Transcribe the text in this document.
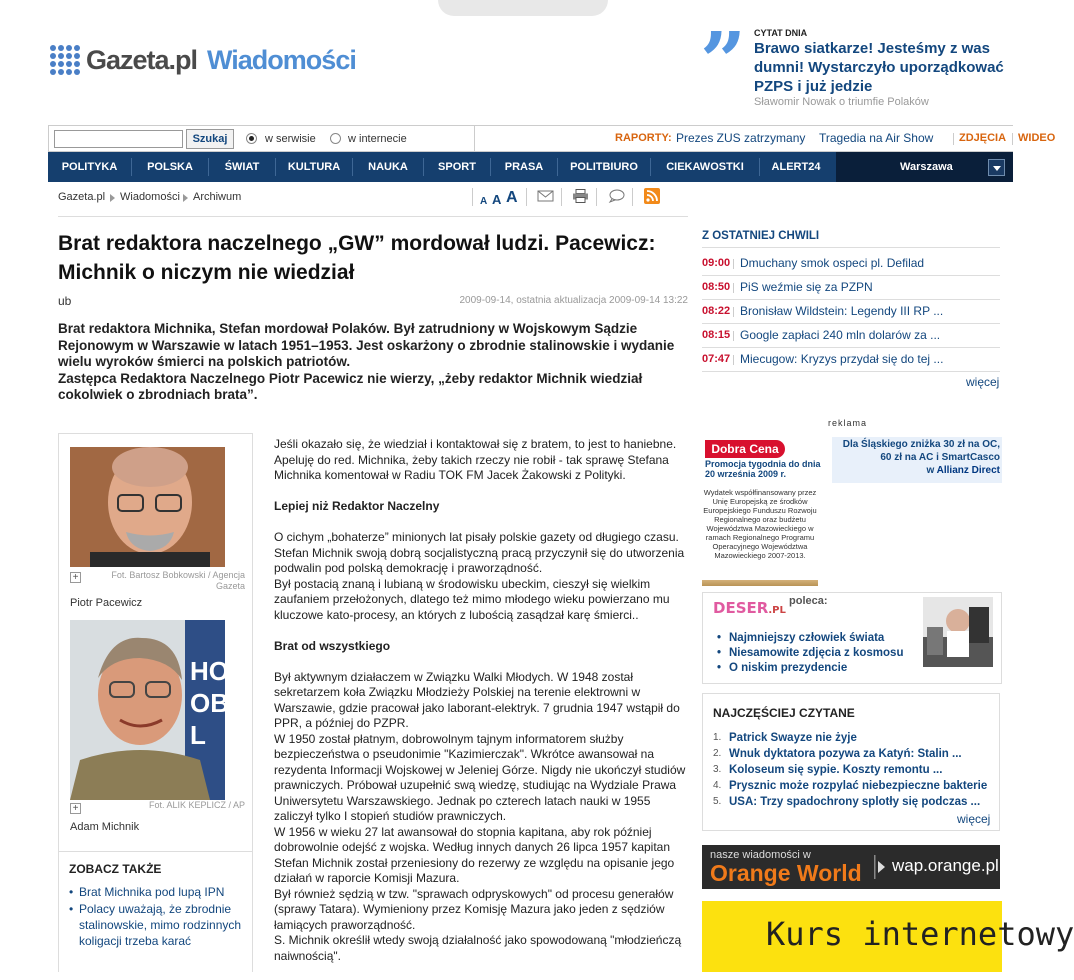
Gazeta.pl Wiadomości	” CYTAT DNIA
Brawo siatkarze! Jesteśmy z was dumni! Wystarczyło uporządkować PZPS i już jedzie
Sławomir Nowak o triumfie Polaków
Szukaj	w serwisie	w internecie	RAPORTY: Prezes ZUS zatrzymany Tragedia na Air Show ZDJĘCIA WIDEO
POLITYKA	POLSKA	ŚWIAT	KULTURA	NAUKA	SPORT	PRASA	POLITBIURO	CIEKAWOSTKI	ALERT24	Warszawa
Gazeta.pl Wiadomości Archiwum	A A A
Brat redaktora naczelnego „GW” mordował ludzi. Pacewicz: Michnik o niczym nie wiedział
ub	2009-09-14, ostatnia aktualizacja 2009-09-14 13:22
Brat redaktora Michnika, Stefan mordował Polaków. Był zatrudniony w Wojskowym Sądzie Rejonowym w Warszawie w latach 1951–1953. Jest oskarżony o zbrodnie stalinowskie i wydanie wielu wyroków śmierci na polskich patriotów.
Zastępca Redaktora Naczelnego Piotr Pacewicz nie wierzy, „żeby redaktor Michnik wiedział cokolwiek o zbrodniach brata”.
+	Fot. Bartosz Bobkowski / Agencja Gazeta
Piotr Pacewicz
HO
OB
L
+	Fot. ALIK KEPLICZ / AP
Adam Michnik
ZOBACZ TAKŻE
• Brat Michnika pod lupą IPN
• Polacy uważają, że zbrodnie stalinowskie, mimo rodzinnych koligacji trzeba karać

Jeśli okazało się, że wiedział i kontaktował się z bratem, to jest to haniebne. Apeluję do red. Michnika, żeby takich rzeczy nie robił - tak sprawę Stefana Michnika komentował w Radiu TOK FM Jacek Żakowski z Polityki.

Lepiej niż Redaktor Naczelny

O cichym „bohaterze” minionych lat pisały polskie gazety od długiego czasu. Stefan Michnik swoją dobrą socjalistyczną pracą przyczynił się do utworzenia podwalin pod polską demokrację i praworządność.

Był postacią znaną i lubianą w środowisku ubeckim, cieszył się wielkim zaufaniem przełożonych, dlatego też mimo młodego wieku powierzano mu kluczowe kato-procesy, an których z lubością zasądzał karę śmierci..

Brat od wszystkiego

Był aktywnym działaczem w Związku Walki Młodych. W 1948 został sekretarzem koła Związku Młodzieży Polskiej na terenie elektrowni w Warszawie, gdzie pracował jako laborant-elektryk. 7 grudnia 1947 wstąpił do PPR, a później do PZPR.

W 1950 został płatnym, dobrowolnym tajnym informatorem służby bezpieczeństwa o pseudonimie "Kazimierczak". Wkrótce awansował na rezydenta Informacji Wojskowej w Jeleniej Górze. Nigdy nie ukończył studiów prawniczych. Próbował uzupełnić swą wiedzę, studiując na Wydziale Prawa Uniwersytetu Warszawskiego. Jednak po czterech latach nauki w 1955 zaliczył tylko I stopień studiów prawniczych.

W 1956 w wieku 27 lat awansował do stopnia kapitana, aby rok później dobrowolnie odejść z wojska. Według innych danych 26 lipca 1957 kapitan Stefan Michnik został przeniesiony do rezerwy ze względu na opisanie jego działań w raporcie Komisji Mazura.

Był również sędzią w tzw. "sprawach odpryskowych" od procesu generałów (sprawy Tatara). Wymieniony przez Komisję Mazura jako jeden z sędziów łamiących praworządność.

S. Michnik określił wtedy swoją działalność jako spowodowaną "młodzieńczą naiwnością".

Z OSTATNIEJ CHWILI
09:00 Dmuchany smok ospeci pl. Defilad
08:50 PiS weźmie się za PZPN
08:22 Bronisław Wildstein: Legendy III RP ...
08:15 Google zapłaci 240 mln dolarów za ...
07:47 Miecugow: Kryzys przydał się do tej ...
więcej
reklama
Dobra Cena
Promocja tygodnia do dnia 20 września 2009 r.
Dla Śląskiego zniżka 30 zł na OC,
60 zł na AC i SmartCasco
w Allianz Direct
Wydatek współfinansowany przez Unię Europejską ze środków Europejskiego Funduszu Rozwoju Regionalnego oraz budżetu Województwa Mazowieckiego w ramach Regionalnego Programu Operacyjnego Województwa Mazowieckiego 2007-2013.
DESER.PL
poleca:
• Najmniejszy człowiek świata
• Niesamowite zdjęcia z kosmosu
• O niskim prezydencie
NAJCZĘŚCIEJ CZYTANE
1. Patrick Swayze nie żyje
2. Wnuk dyktatora pozywa za Katyń: Stalin ...
3. Koloseum się sypie. Koszty remontu ...
4. Prysznic może rozpylać niebezpieczne bakterie
5. USA: Trzy spadochrony splotły się podczas ...
więcej
nasze wiadomości w
Orange World wap.orange.pl
Kurs internetowy
